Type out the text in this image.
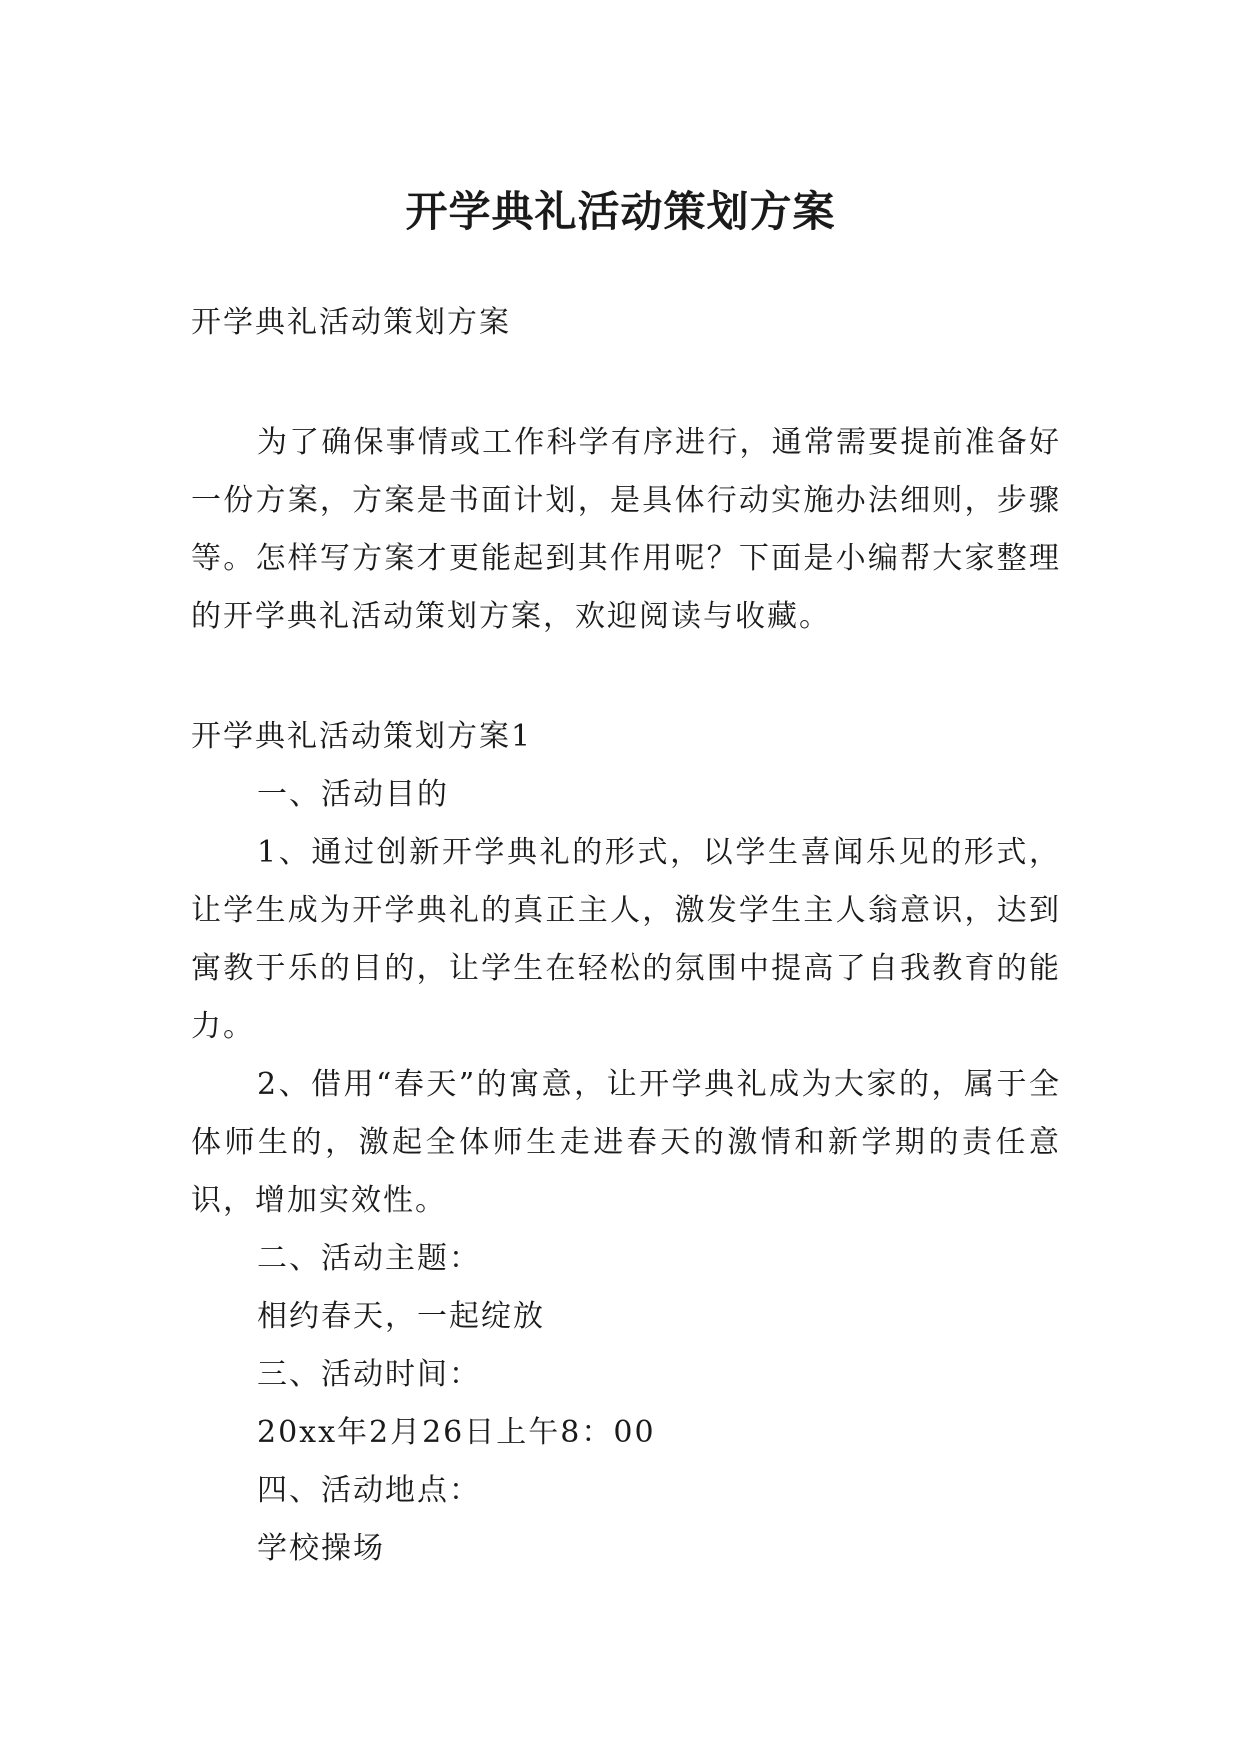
开学典礼活动策划方案

开学典礼活动策划方案

为了确保事情或工作科学有序进行，通常需要提前准备好一份方案，方案是书面计划，是具体行动实施办法细则，步骤等。怎样写方案才更能起到其作用呢？下面是小编帮大家整理的开学典礼活动策划方案，欢迎阅读与收藏。

开学典礼活动策划方案1

一、活动目的

1、通过创新开学典礼的形式，以学生喜闻乐见的形式，让学生成为开学典礼的真正主人，激发学生主人翁意识，达到寓教于乐的目的，让学生在轻松的氛围中提高了自我教育的能力。

2、借用“春天”的寓意，让开学典礼成为大家的，属于全体师生的，激起全体师生走进春天的激情和新学期的责任意识，增加实效性。

二、活动主题：

相约春天，一起绽放

三、活动时间：

20xx年2月26日上午8：00

四、活动地点：

学校操场
